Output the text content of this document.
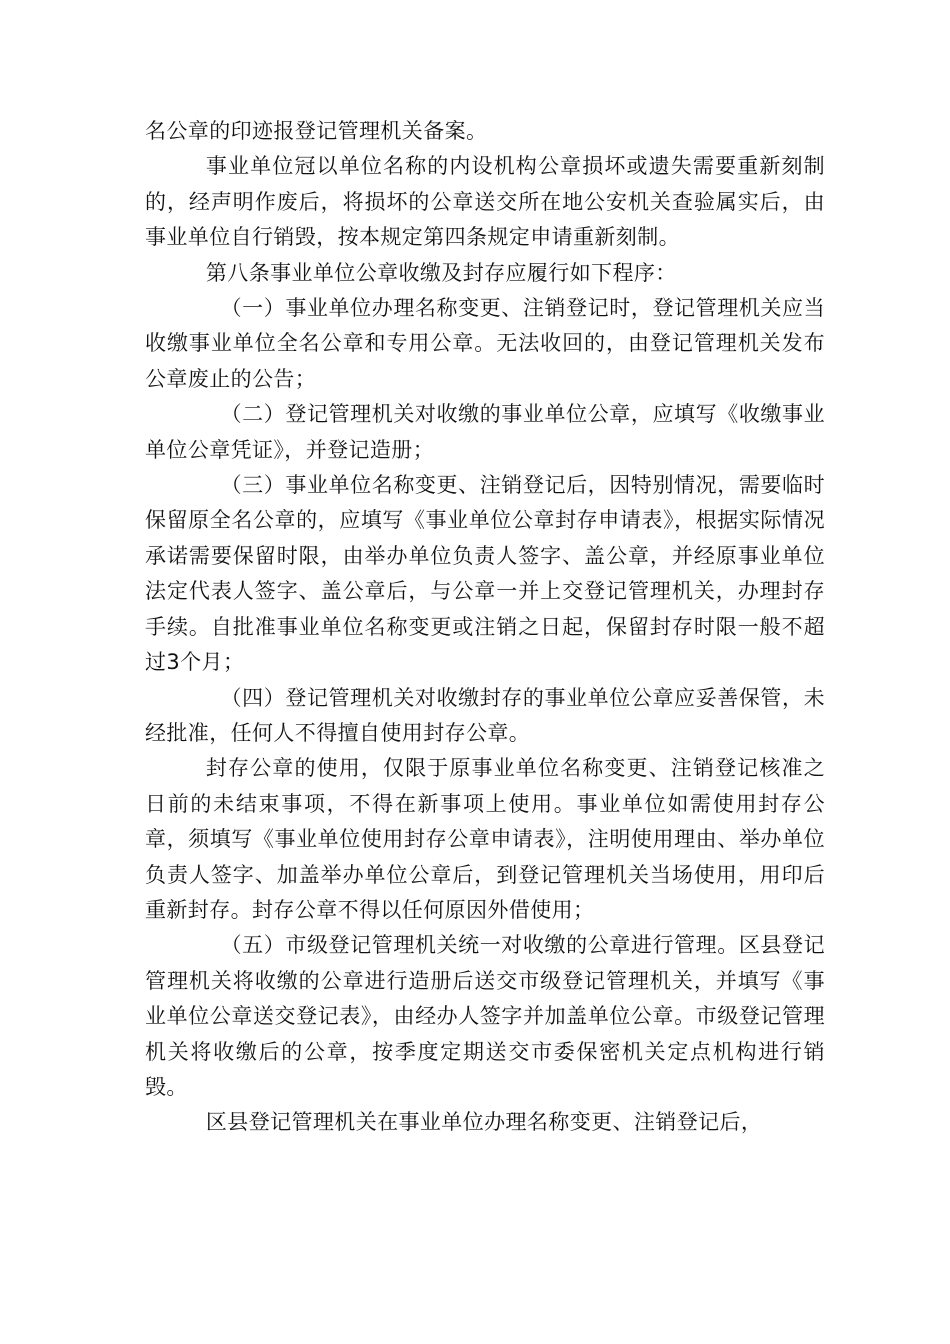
名公章的印迹报登记管理机关备案。

事业单位冠以单位名称的内设机构公章损坏或遗失需要重新刻制的，经声明作废后，将损坏的公章送交所在地公安机关查验属实后，由事业单位自行销毁，按本规定第四条规定申请重新刻制。

第八条事业单位公章收缴及封存应履行如下程序：

（一）事业单位办理名称变更、注销登记时，登记管理机关应当收缴事业单位全名公章和专用公章。无法收回的，由登记管理机关发布公章废止的公告；

（二）登记管理机关对收缴的事业单位公章，应填写《收缴事业单位公章凭证》，并登记造册；

（三）事业单位名称变更、注销登记后，因特别情况，需要临时保留原全名公章的，应填写《事业单位公章封存申请表》，根据实际情况承诺需要保留时限，由举办单位负责人签字、盖公章，并经原事业单位法定代表人签字、盖公章后，与公章一并上交登记管理机关，办理封存手续。自批准事业单位名称变更或注销之日起，保留封存时限一般不超过3个月；

（四）登记管理机关对收缴封存的事业单位公章应妥善保管，未经批准，任何人不得擅自使用封存公章。

封存公章的使用，仅限于原事业单位名称变更、注销登记核准之日前的未结束事项，不得在新事项上使用。事业单位如需使用封存公章，须填写《事业单位使用封存公章申请表》，注明使用理由、举办单位负责人签字、加盖举办单位公章后，到登记管理机关当场使用，用印后重新封存。封存公章不得以任何原因外借使用；

（五）市级登记管理机关统一对收缴的公章进行管理。区县登记管理机关将收缴的公章进行造册后送交市级登记管理机关，并填写《事业单位公章送交登记表》，由经办人签字并加盖单位公章。市级登记管理机关将收缴后的公章，按季度定期送交市委保密机关定点机构进行销毁。

区县登记管理机关在事业单位办理名称变更、注销登记后，
